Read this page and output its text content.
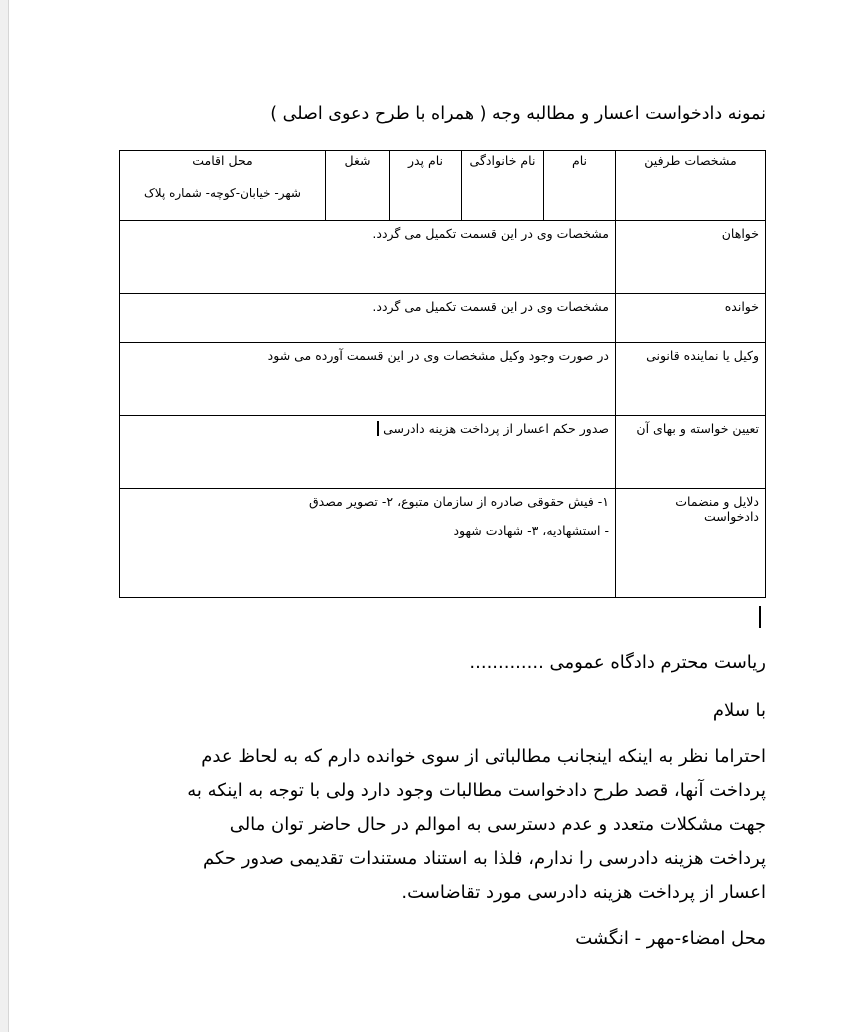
نمونه دادخواست اعسار و مطالبه وجه ( همراه با طرح دعوی اصلی )
مشخصات طرفین	نام	نام خانوادگی	نام پدر	شغل	محل اقامت
شهر- خیابان-کوچه- شماره پلاک

خواهان	مشخصات وی در این قسمت تکمیل می گردد.				
خوانده	مشخصات وی در این قسمت تکمیل می گردد.				
وکیل یا نماینده قانونی	در صورت وجود وکیل مشخصات وی در این قسمت آورده می شود				
تعیین خواسته و بهای آن	صدور حکم اعسار از پرداخت هزینه دادرسی				
دلایل و منضمات دادخواست	۱- فیش حقوقی صادره از سازمان متبوع، ۲- تصویر مصدق
- استشهادیه، ۳- شهادت شهود				
ریاست محترم دادگاه عمومی .............
با سلام
احتراما نظر به اینکه اینجانب مطالباتی از سوی خوانده دارم که به لحاظ عدم
پرداخت آنها، قصد طرح دادخواست مطالبات وجود دارد ولی با توجه به اینکه به
جهت مشکلات متعدد و عدم دسترسی به اموالم در حال حاضر توان مالی
پرداخت هزینه دادرسی را ندارم، فلذا به استناد مستندات تقدیمی صدور حکم
اعسار از پرداخت هزینه دادرسی مورد تقاضاست.
محل امضاء-مهر - انگشت
